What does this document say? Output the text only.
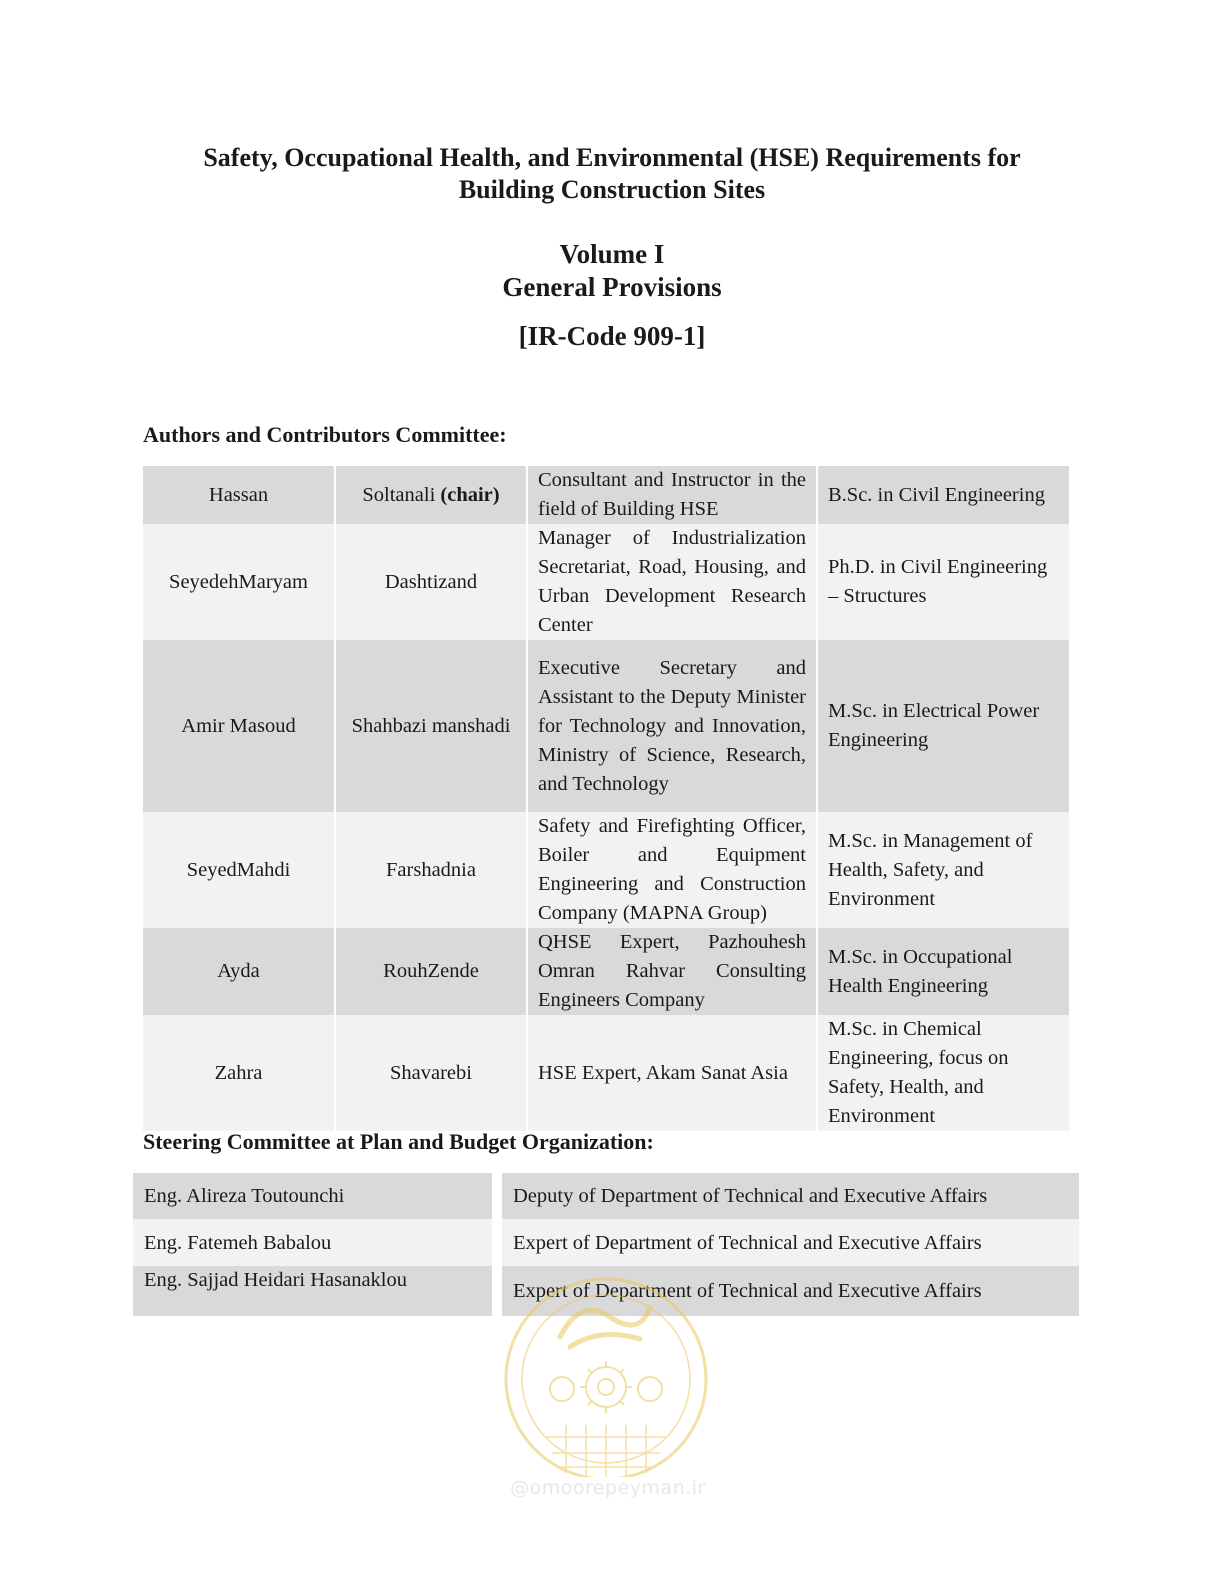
Safety, Occupational Health, and Environmental (HSE) Requirements for

Building Construction Sites

Volume I
General Provisions
[IR-Code 909-1]
Authors and Contributors Committee:
Hassan	Soltanali (chair)	Consultant and Instructor in the field of Building HSE	B.Sc. in Civil Engineering
SeyedehMaryam	Dashtizand	Manager of Industrialization Secretariat, Road, Housing, and Urban Development Research Center	Ph.D. in Civil Engineering – Structures
Amir Masoud	Shahbazi manshadi	Executive Secretary and Assistant to the Deputy Minister for Technology and Innovation, Ministry of Science, Research, and Technology	M.Sc. in Electrical Power Engineering
SeyedMahdi	Farshadnia	Safety and Firefighting Officer, Boiler and Equipment Engineering and Construction Company (MAPNA Group)	M.Sc. in Management of Health, Safety, and Environment
Ayda	RouhZende	QHSE Expert, Pazhouhesh Omran Rahvar Consulting Engineers Company	M.Sc. in Occupational Health Engineering
Zahra	Shavarebi	HSE Expert, Akam Sanat Asia	M.Sc. in Chemical Engineering, focus on Safety, Health, and Environment
Steering Committee at Plan and Budget Organization:
Eng. Alireza Toutounchi	Deputy of Department of Technical and Executive Affairs
Eng. Fatemeh Babalou	Expert of Department of Technical and Executive Affairs
Eng. Sajjad Heidari Hasanaklou	Expert of Department of Technical and Executive Affairs
@omoorepeyman.ir
